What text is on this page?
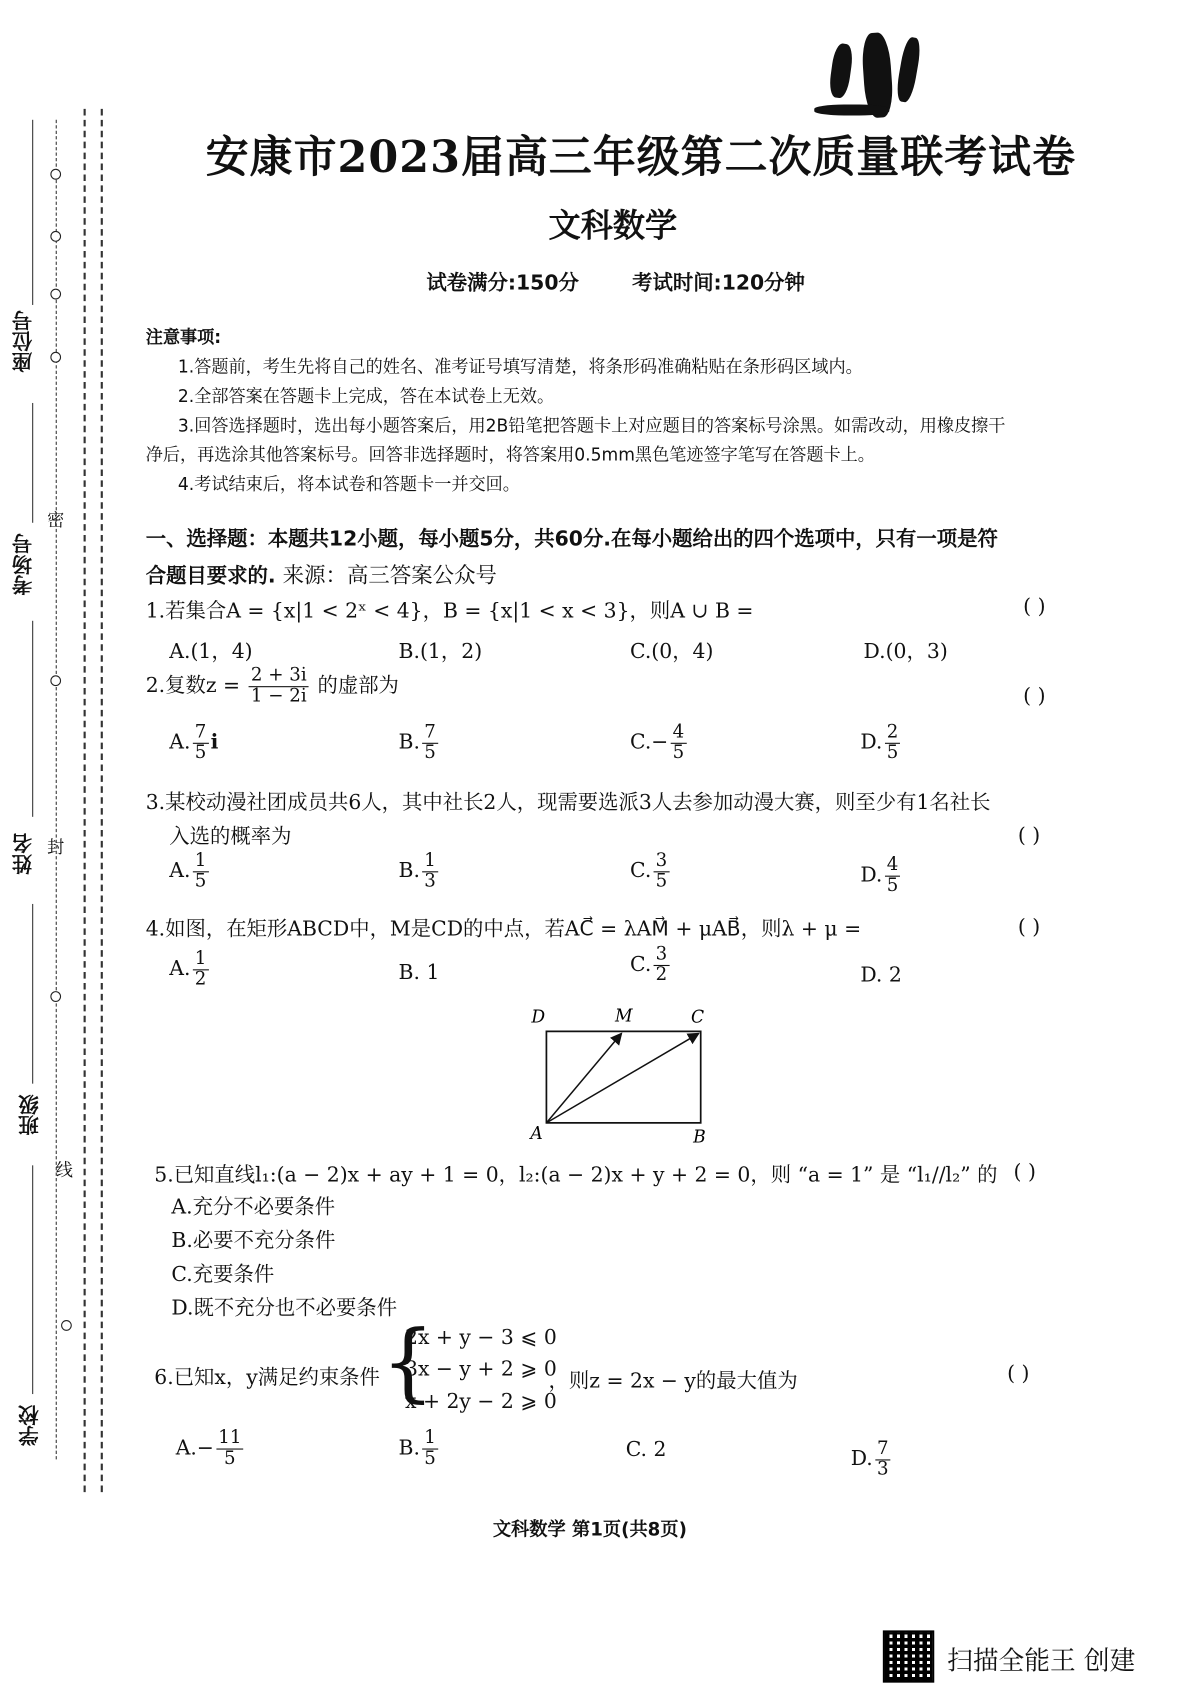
密
封
线
座位号
考场号
姓名
班级
学校
安康市2023届高三年级第二次质量联考试卷
文科数学
试卷满分:150分	考试时间:120分钟
注意事项:
1.答题前，考生先将自己的姓名、准考证号填写清楚，将条形码准确粘贴在条形码区域内。
2.全部答案在答题卡上完成，答在本试卷上无效。
3.回答选择题时，选出每小题答案后，用2B铅笔把答题卡上对应题目的答案标号涂黑。如需改动，用橡皮擦干
净后，再选涂其他答案标号。回答非选择题时，将答案用0.5mm黑色笔迹签字笔写在答题卡上。
4.考试结束后，将本试卷和答题卡一并交回。
一、选择题：本题共12小题，每小题5分，共60分.在每小题给出的四个选项中，只有一项是符
合题目要求的. 来源：高三答案公众号
1.若集合A = {x|1 < 2ˣ < 4}，B = {x|1 < x < 3}，则A ∪ B =	( )
A.(1，4)	B.(1，2)	C.(0，4)	D.(0，3)
2.复数$z = \frac{2 + 3i}{1 - 2i}$ 的虚部为	( )
A. $\frac{7}{5}$ i	B. $\frac{7}{5}$	$C.- \frac{4}{5}$	D. $\frac{2}{5}$
3.某校动漫社团成员共6人，其中社长2人，现需要选派3人去参加动漫大赛，则至少有1名社长
入选的概率为	( )
A. $\frac{1}{5}$	B. $\frac{1}{3}$	C. $\frac{3}{5}$	D. $\frac{4}{5}$
4.如图，在矩形ABCD中，M是CD的中点，若AC⃗ = λAM⃗ + μAB⃗，则λ + μ =	( )
A. $\frac{1}{2}$	B. 1	C. $\frac{3}{2}$	D. 2
D	M	C
A	B
5.已知直线l₁:(a − 2)x + ay + 1 = 0，l₂:(a − 2)x + y + 2 = 0，则 “a = 1” 是 “l₁//l₂” 的 ( )
A.充分不必要条件
B.必要不充分条件
C.充要条件
D.既不充分也不必要条件
6.已知x，y满足约束条件 {
2x + y − 3 ⩽ 0
3x − y + 2 ⩾ 0
x + 2y − 2 ⩾ 0
，则z = 2x − y的最大值为	( )
$A.- \frac{11}{5}$	B. $\frac{1}{5}$	C. 2	D. $\frac{7}{3}$
文科数学 第1页(共8页)
扫描全能王 创建
